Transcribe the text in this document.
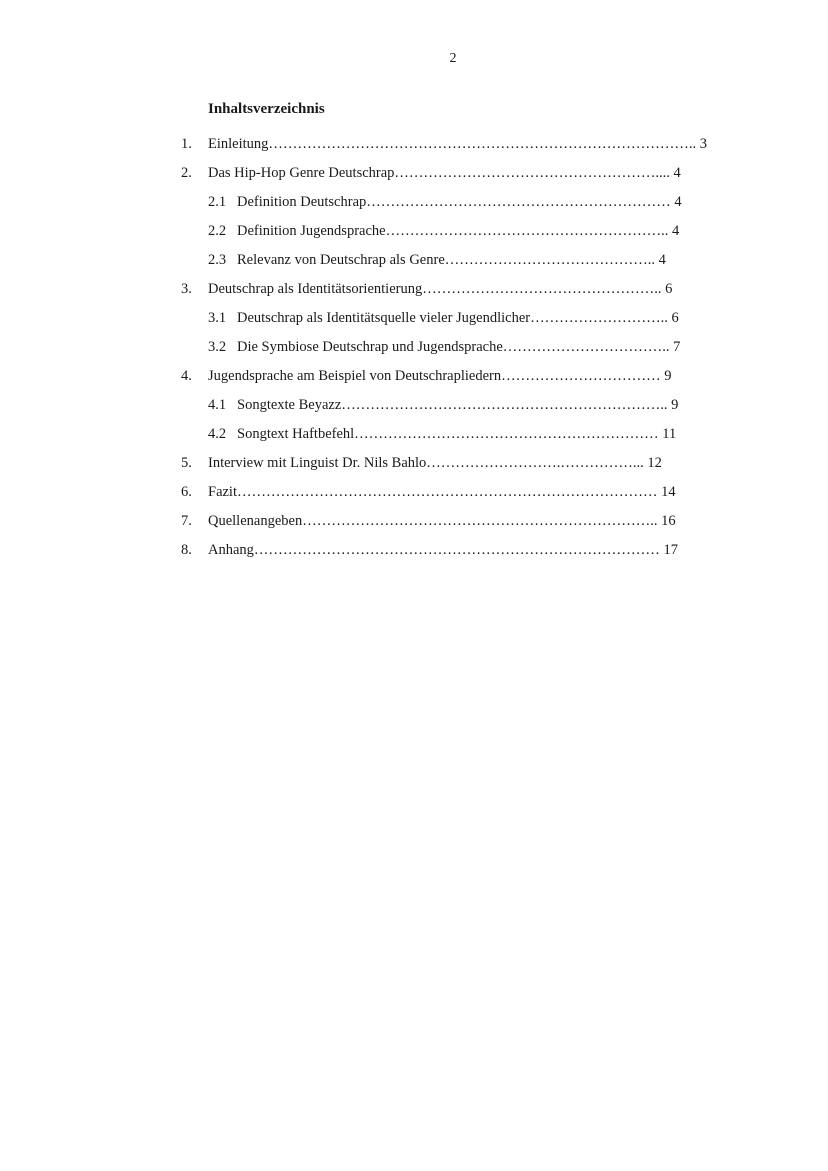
2
Inhaltsverzeichnis
1. Einleitung…………………………………………………………………………….. 3
2. Das Hip-Hop Genre Deutschrap……………………………………………….... 4
2.1 Definition Deutschrap……………………………………………………… 4
2.2 Definition Jugendsprache………………………………………………….. 4
2.3 Relevanz von Deutschrap als Genre…………………………………….. 4
3. Deutschrap als Identitätsorientierung………………………………………….. 6
3.1 Deutschrap als Identitätsquelle vieler Jugendlicher……………………….. 6
3.2 Die Symbiose Deutschrap und Jugendsprache…………………………….. 7
4. Jugendsprache am Beispiel von Deutschrapliedern…………………………… 9
4.1 Songtexte Beyazz………………………………………………………….. 9
4.2 Songtext Haftbefehl……………………………………………………… 11
5. Interview mit Linguist Dr. Nils Bahlo……………………….……………... 12
6. Fazit…………………………………………………………………………… 14
7. Quellenangeben……………………………………………………………….. 16
8. Anhang………………………………………………………………………… 17
